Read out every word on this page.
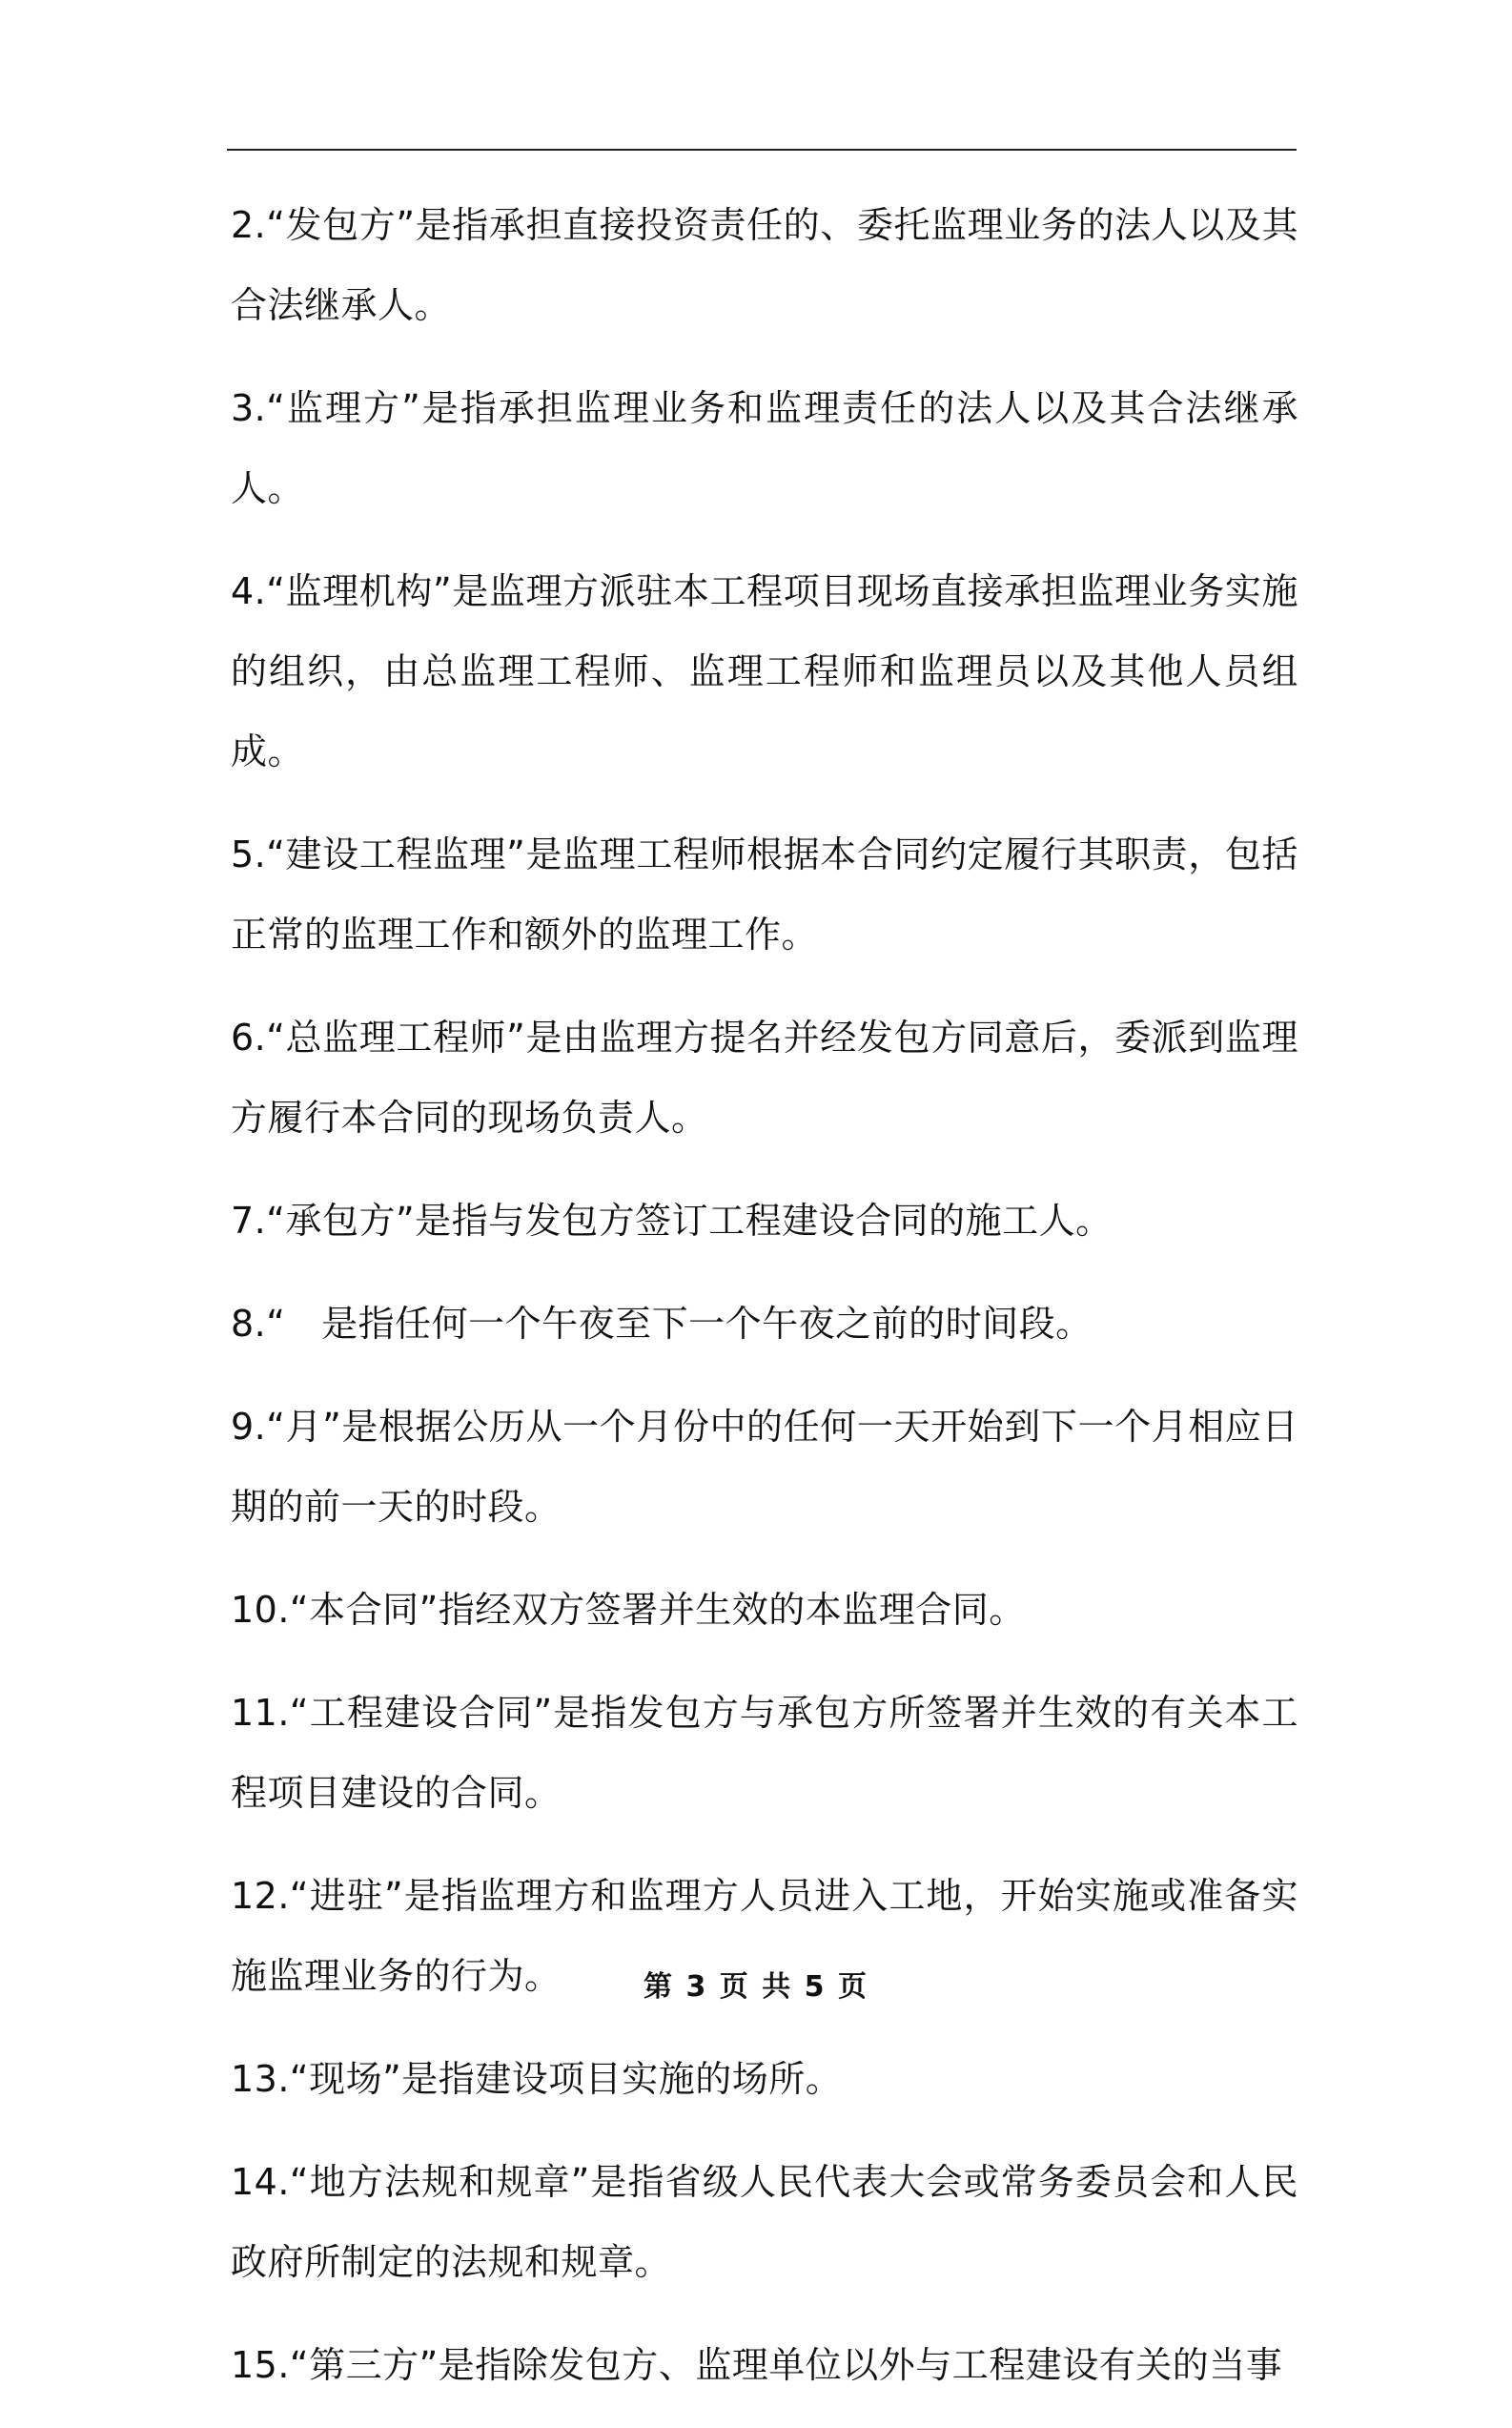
2.“发包方”是指承担直接投资责任的、委托监理业务的法人以及其合法继承人。

3.“监理方”是指承担监理业务和监理责任的法人以及其合法继承人。

4.“监理机构”是监理方派驻本工程项目现场直接承担监理业务实施的组织，由总监理工程师、监理工程师和监理员以及其他人员组成。

5.“建设工程监理”是监理工程师根据本合同约定履行其职责，包括正常的监理工作和额外的监理工作。

6.“总监理工程师”是由监理方提名并经发包方同意后，委派到监理方履行本合同的现场负责人。

7.“承包方”是指与发包方签订工程建设合同的施工人。

8.“   是指任何一个午夜至下一个午夜之前的时间段。

9.“月”是根据公历从一个月份中的任何一天开始到下一个月相应日期的前一天的时段。

10.“本合同”指经双方签署并生效的本监理合同。

11.“工程建设合同”是指发包方与承包方所签署并生效的有关本工程项目建设的合同。

12.“进驻”是指监理方和监理方人员进入工地，开始实施或准备实施监理业务的行为。

13.“现场”是指建设项目实施的场所。

14.“地方法规和规章”是指省级人民代表大会或常务委员会和人民政府所制定的法规和规章。

15.“第三方”是指除发包方、监理单位以外与工程建设有关的当事

第 3 页 共 5 页
